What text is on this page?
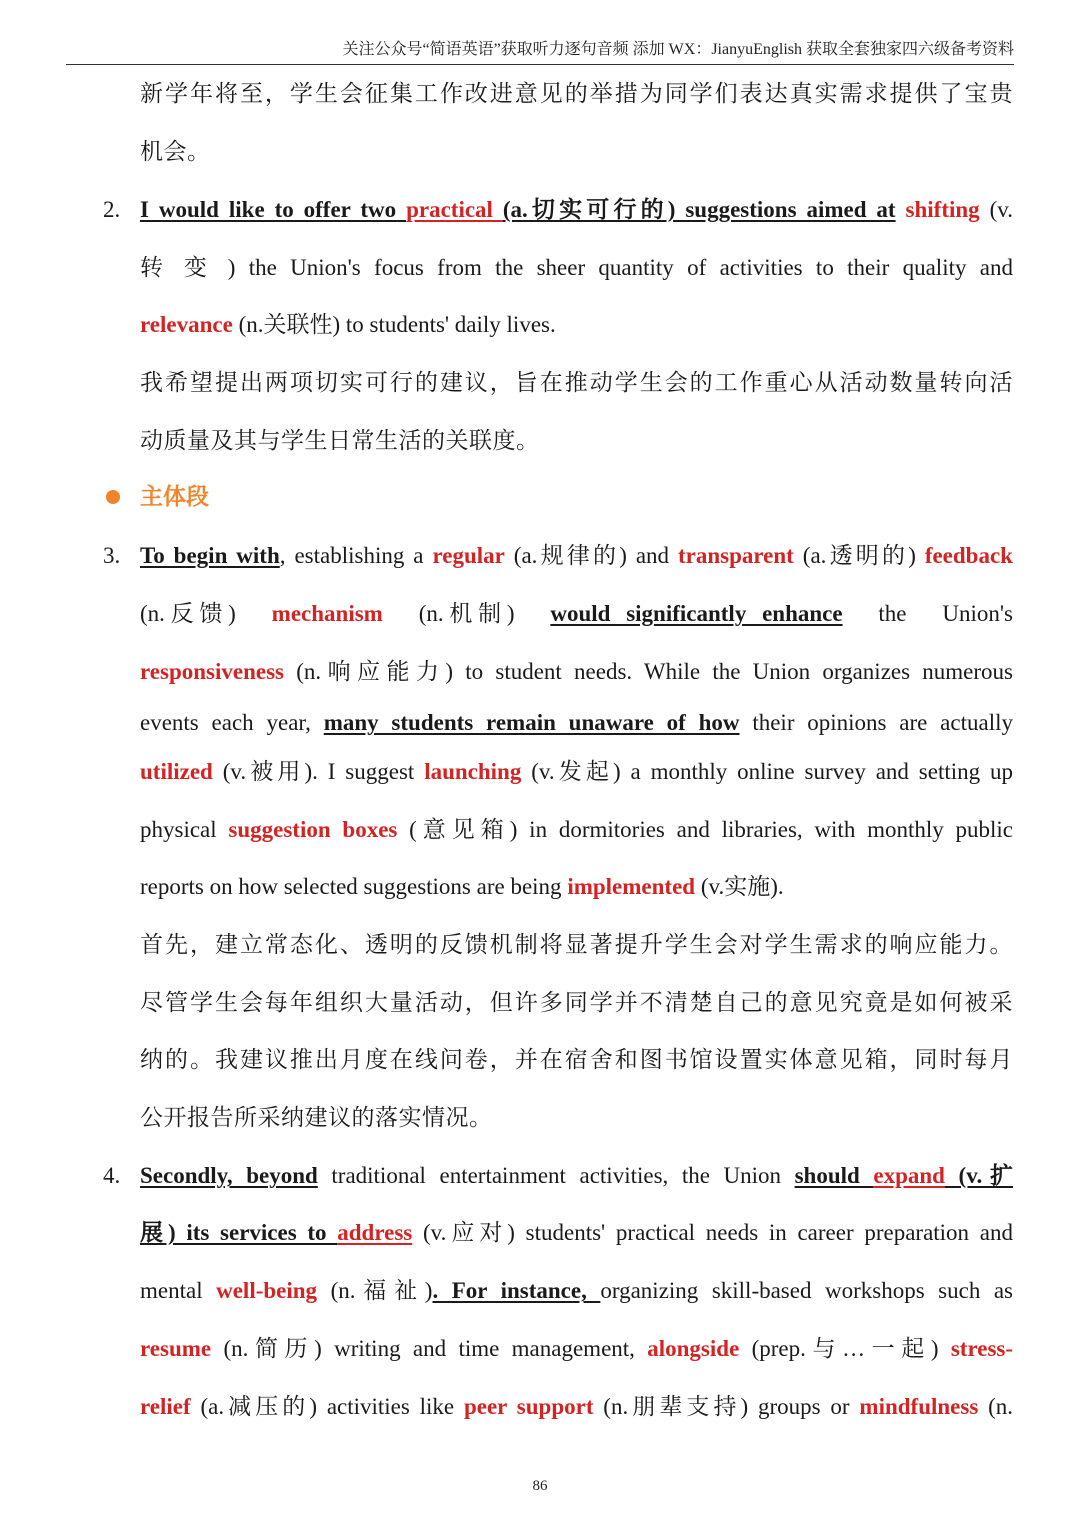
关注公众号“简语英语”获取听力逐句音频 添加 WX：JianyuEnglish 获取全套独家四六级备考资料
新学年将至，学生会征集工作改进意见的举措为同学们表达真实需求提供了宝贵
机会。
2. I would like to offer two practical (a.切实可行的) suggestions aimed at shifting (v.
转 变 ) the Union's focus from the sheer quantity of activities to their quality and
relevance (n.关联性) to students' daily lives.
我希望提出两项切实可行的建议，旨在推动学生会的工作重心从活动数量转向活
动质量及其与学生日常生活的关联度。
主体段
3. To begin with, establishing a regular (a.规律的) and transparent (a.透明的) feedback
(n. 反 馈 ) mechanism (n. 机 制 ) would significantly enhance the Union's
responsiveness (n.响应能力) to student needs. While the Union organizes numerous
events each year, many students remain unaware of how their opinions are actually
utilized (v.被用). I suggest launching (v.发起) a monthly online survey and setting up
physical suggestion boxes (意见箱) in dormitories and libraries, with monthly public
reports on how selected suggestions are being implemented (v.实施).
首先，建立常态化、透明的反馈机制将显著提升学生会对学生需求的响应能力。
尽管学生会每年组织大量活动，但许多同学并不清楚自己的意见究竟是如何被采
纳的。我建议推出月度在线问卷，并在宿舍和图书馆设置实体意见箱，同时每月
公开报告所采纳建议的落实情况。
4. Secondly, beyond traditional entertainment activities, the Union should expand (v.扩
展) its services to address (v.应对) students' practical needs in career preparation and
mental well-being (n.福祉). For instance, organizing skill-based workshops such as
resume (n.简历) writing and time management, alongside (prep.与…一起) stress-
relief (a.减压的) activities like peer support (n.朋辈支持) groups or mindfulness (n.
86
